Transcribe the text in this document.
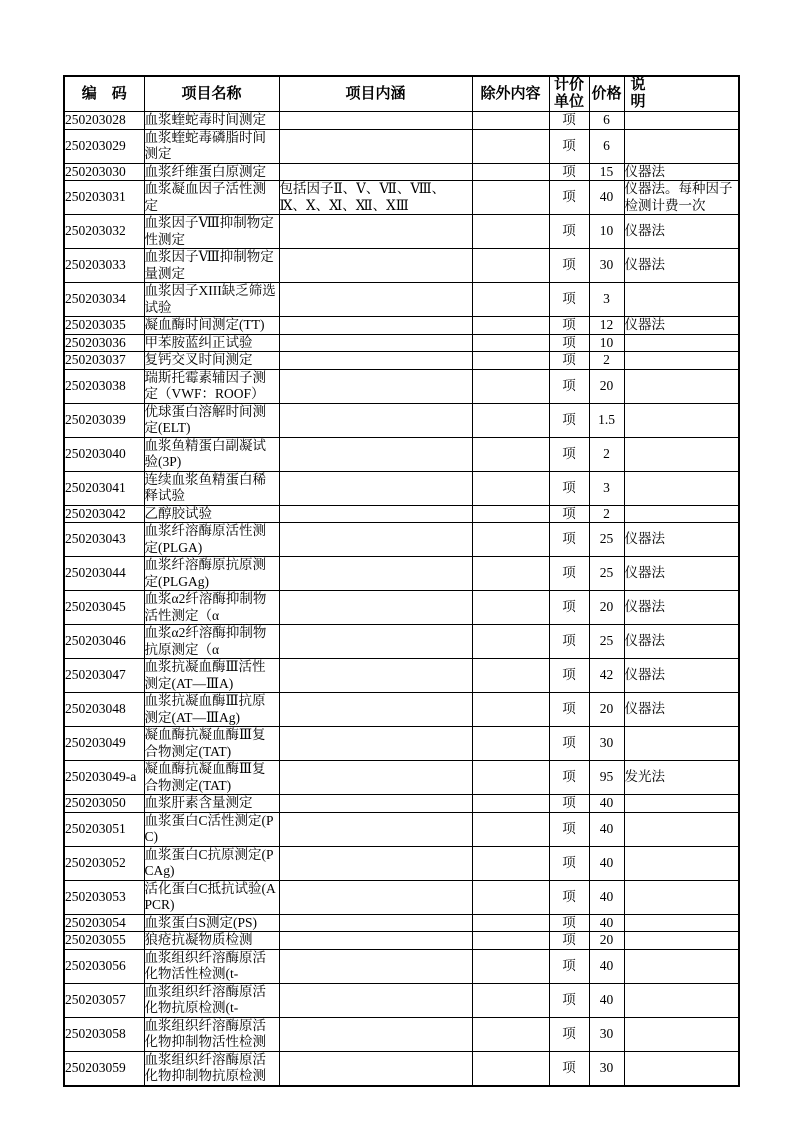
编　码	项目名称	项目内涵	除外内容	计价单位	价格	说　　　　　明
250203028	血浆蝰蛇毒时间测定			项	6	
250203029	血浆蝰蛇毒磷脂时间测定			项	6	
250203030	血浆纤维蛋白原测定			项	15	仪器法
250203031	血浆凝血因子活性测定	包括因子Ⅱ、Ⅴ、Ⅶ、Ⅷ、Ⅸ、Ⅹ、Ⅺ、Ⅻ、ⅩⅢ		项	40	仪器法。每种因子检测计费一次
250203032	血浆因子Ⅷ抑制物定性测定			项	10	仪器法
250203033	血浆因子Ⅷ抑制物定量测定			项	30	仪器法
250203034	血浆因子XIII缺乏筛选试验			项	3	
250203035	凝血酶时间测定(TT)			项	12	仪器法
250203036	甲苯胺蓝纠正试验			项	10	
250203037	复钙交叉时间测定			项	2	
250203038	瑞斯托霉素辅因子测定（VWF：ROOF）			项	20	
250203039	优球蛋白溶解时间测定(ELT)			项	1.5	
250203040	血浆鱼精蛋白副凝试验(3P)			项	2	
250203041	连续血浆鱼精蛋白稀释试验			项	3	
250203042	乙醇胶试验			项	2	
250203043	血浆纤溶酶原活性测定(PLGA)			项	25	仪器法
250203044	血浆纤溶酶原抗原测定(PLGAg)			项	25	仪器法
250203045	血浆α2纤溶酶抑制物活性测定（α			项	20	仪器法
250203046	血浆α2纤溶酶抑制物抗原测定（α			项	25	仪器法
250203047	血浆抗凝血酶Ⅲ活性测定(AT—ⅢA)			项	42	仪器法
250203048	血浆抗凝血酶Ⅲ抗原测定(AT—ⅢAg)			项	20	仪器法
250203049	凝血酶抗凝血酶Ⅲ复合物测定(TAT)			项	30	
250203049-a	凝血酶抗凝血酶Ⅲ复合物测定(TAT)			项	95	发光法
250203050	血浆肝素含量测定			项	40	
250203051	血浆蛋白C活性测定(PC)			项	40	
250203052	血浆蛋白C抗原测定(PCAg)			项	40	
250203053	活化蛋白C抵抗试验(APCR)			项	40	
250203054	血浆蛋白S测定(PS)			项	40	
250203055	狼疮抗凝物质检测			项	20	
250203056	血浆组织纤溶酶原活化物活性检测(t-			项	40	
250203057	血浆组织纤溶酶原活化物抗原检测(t-			项	40	
250203058	血浆组织纤溶酶原活化物抑制物活性检测			项	30	
250203059	血浆组织纤溶酶原活化物抑制物抗原检测			项	30	
